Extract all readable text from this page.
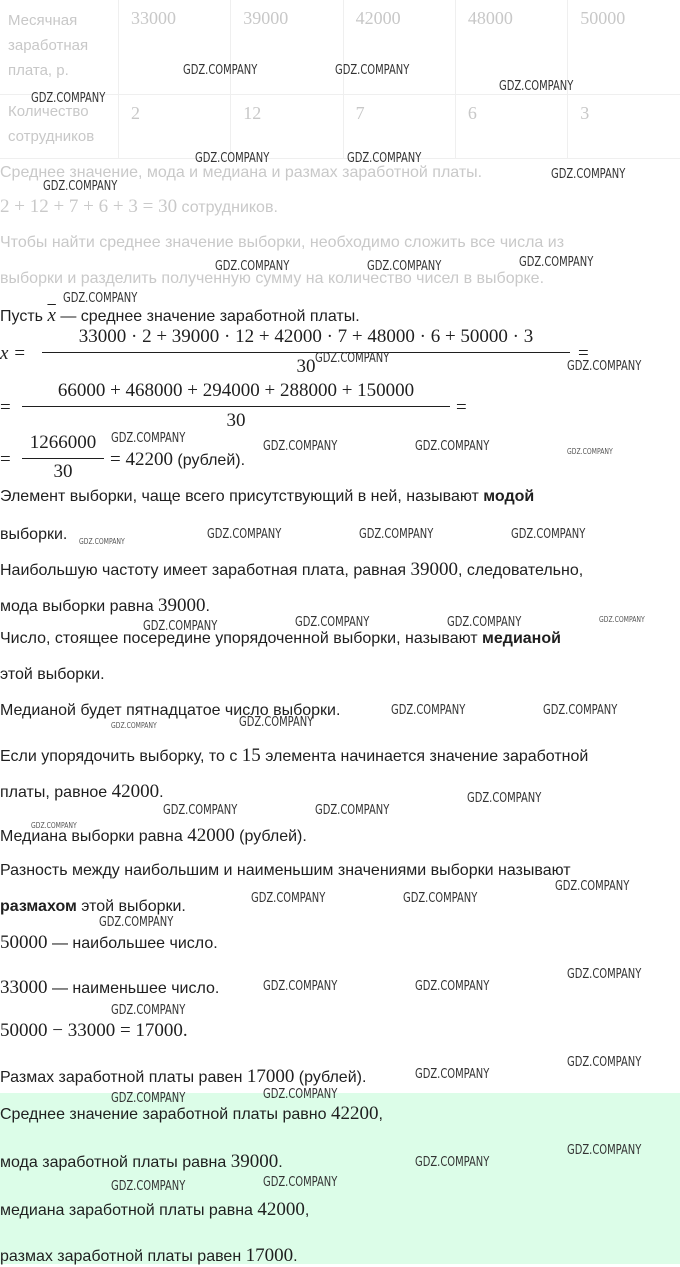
Месячная заработная плата, р.	33000	39000	42000	48000	50000
Количество сотрудников	2	12	7	6	3
Среднее значение, мода и медиана и размах заработной платы.
2 + 12 + 7 + 6 + 3 = 30 сотрудников.
Чтобы найти среднее значение выборки, необходимо сложить все числа из
выборки и разделить полученную сумму на количество чисел в выборке.
Пусть $\overline{x}$ — среднее значение заработной платы.
x =
33000 · 2 + 39000 · 12 + 42000 · 7 + 48000 · 6 + 50000 · 3
30
=
=
66000 + 468000 + 294000 + 288000 + 150000
30
=
=
1266000
30
= 42200 (рублей).
Элемент выборки, чаще всего присутствующий в ней, называют модой
выборки.
Наибольшую частоту имеет заработная плата, равная 39000, следовательно,
мода выборки равна 39000.
Число, стоящее посередине упорядоченной выборки, называют медианой
этой выборки.
Медианой будет пятнадцатое число выборки.
Если упорядочить выборку, то с 15 элемента начинается значение заработной
платы, равное 42000.
Медиана выборки равна 42000 (рублей).
Разность между наибольшим и наименьшим значениями выборки называют
размахом этой выборки.
50000 — наибольшее число.
33000 — наименьшее число.
50000 − 33000 = 17000.
Размах заработной платы равен 17000 (рублей).
Среднее значение заработной платы равно 42200,
мода заработной платы равна 39000.
медиана заработной платы равна 42000,
размах заработной платы равен 17000.
GDZ.COMPANY	GDZ.COMPANY
GDZ.COMPANY
GDZ.COMPANY
GDZ.COMPANY	GDZ.COMPANY
GDZ.COMPANY
GDZ.COMPANY
GDZ.COMPANY	GDZ.COMPANY	GDZ.COMPANY
GDZ.COMPANY
GDZ.COMPANY
GDZ.COMPANY
GDZ.COMPANY
GDZ.COMPANY	GDZ.COMPANY	GDZ.COMPANY
GDZ.COMPANY	GDZ.COMPANY	GDZ.COMPANY	GDZ.COMPANY
GDZ.COMPANY	GDZ.COMPANY	GDZ.COMPANY
GDZ.COMPANY
GDZ.COMPANY	GDZ.COMPANY
GDZ.COMPANY
GDZ.COMPANY
GDZ.COMPANY	GDZ.COMPANY
GDZ.COMPANY
GDZ.COMPANY
GDZ.COMPANY
GDZ.COMPANY	GDZ.COMPANY
GDZ.COMPANY
GDZ.COMPANY
GDZ.COMPANY	GDZ.COMPANY
GDZ.COMPANY
GDZ.COMPANY
GDZ.COMPANY
GDZ.COMPANY
GDZ.COMPANY
GDZ.COMPANY
GDZ.COMPANY
GDZ.COMPANY
GDZ.COMPANY
